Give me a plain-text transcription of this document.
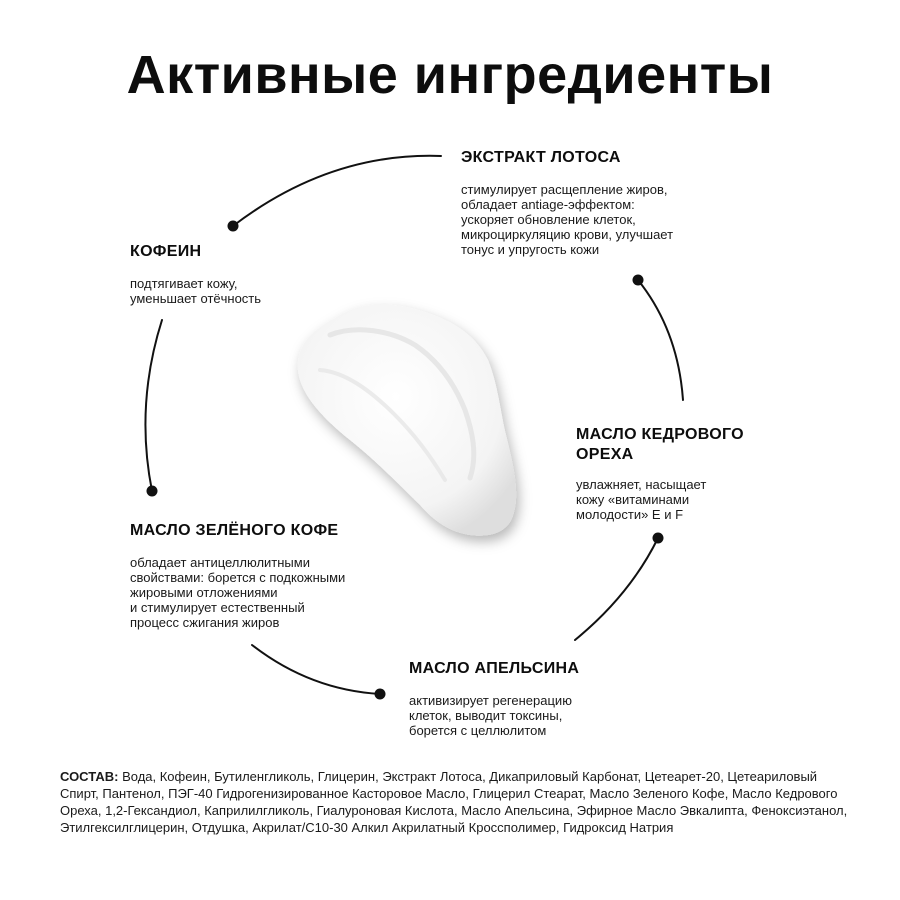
Активные ингредиенты

ЭКСТРАКТ ЛОТОСА

стимулирует расщепление жиров,
обладает antiage-эффектом:
ускоряет обновление клеток,
микроциркуляцию крови, улучшает
тонус и упругость кожи

КОФЕИН

подтягивает кожу,
уменьшает отёчность

МАСЛО КЕДРОВОГО
ОРЕХА

увлажняет, насыщает
кожу «витаминами
молодости» E и F

МАСЛО ЗЕЛЁНОГО КОФЕ

обладает антицеллюлитными
свойствами: борется с подкожными
жировыми отложениями
и стимулирует естественный
процесс сжигания жиров

МАСЛО АПЕЛЬСИНА

активизирует регенерацию
клеток, выводит токсины,
борется с целлюлитом

СОСТАВ: Вода, Кофеин, Бутиленгликоль, Глицерин, Экстракт Лотоса, Дикаприловый Карбонат, Цетеарет-20, Цетеариловый Спирт, Пантенол, ПЭГ-40 Гидрогенизированное Касторовое Масло, Глицерил Стеарат, Масло Зеленого Кофе, Масло Кедрового Ореха, 1,2-Гександиол, Каприлилгликоль, Гиалуроновая Кислота, Масло Апельсина, Эфирное Масло Эвкалипта, Феноксиэтанол, Этилгексилглицерин, Отдушка, Акрилат/C10-30 Алкил Акрилатный Кроссполимер, Гидроксид Натрия
